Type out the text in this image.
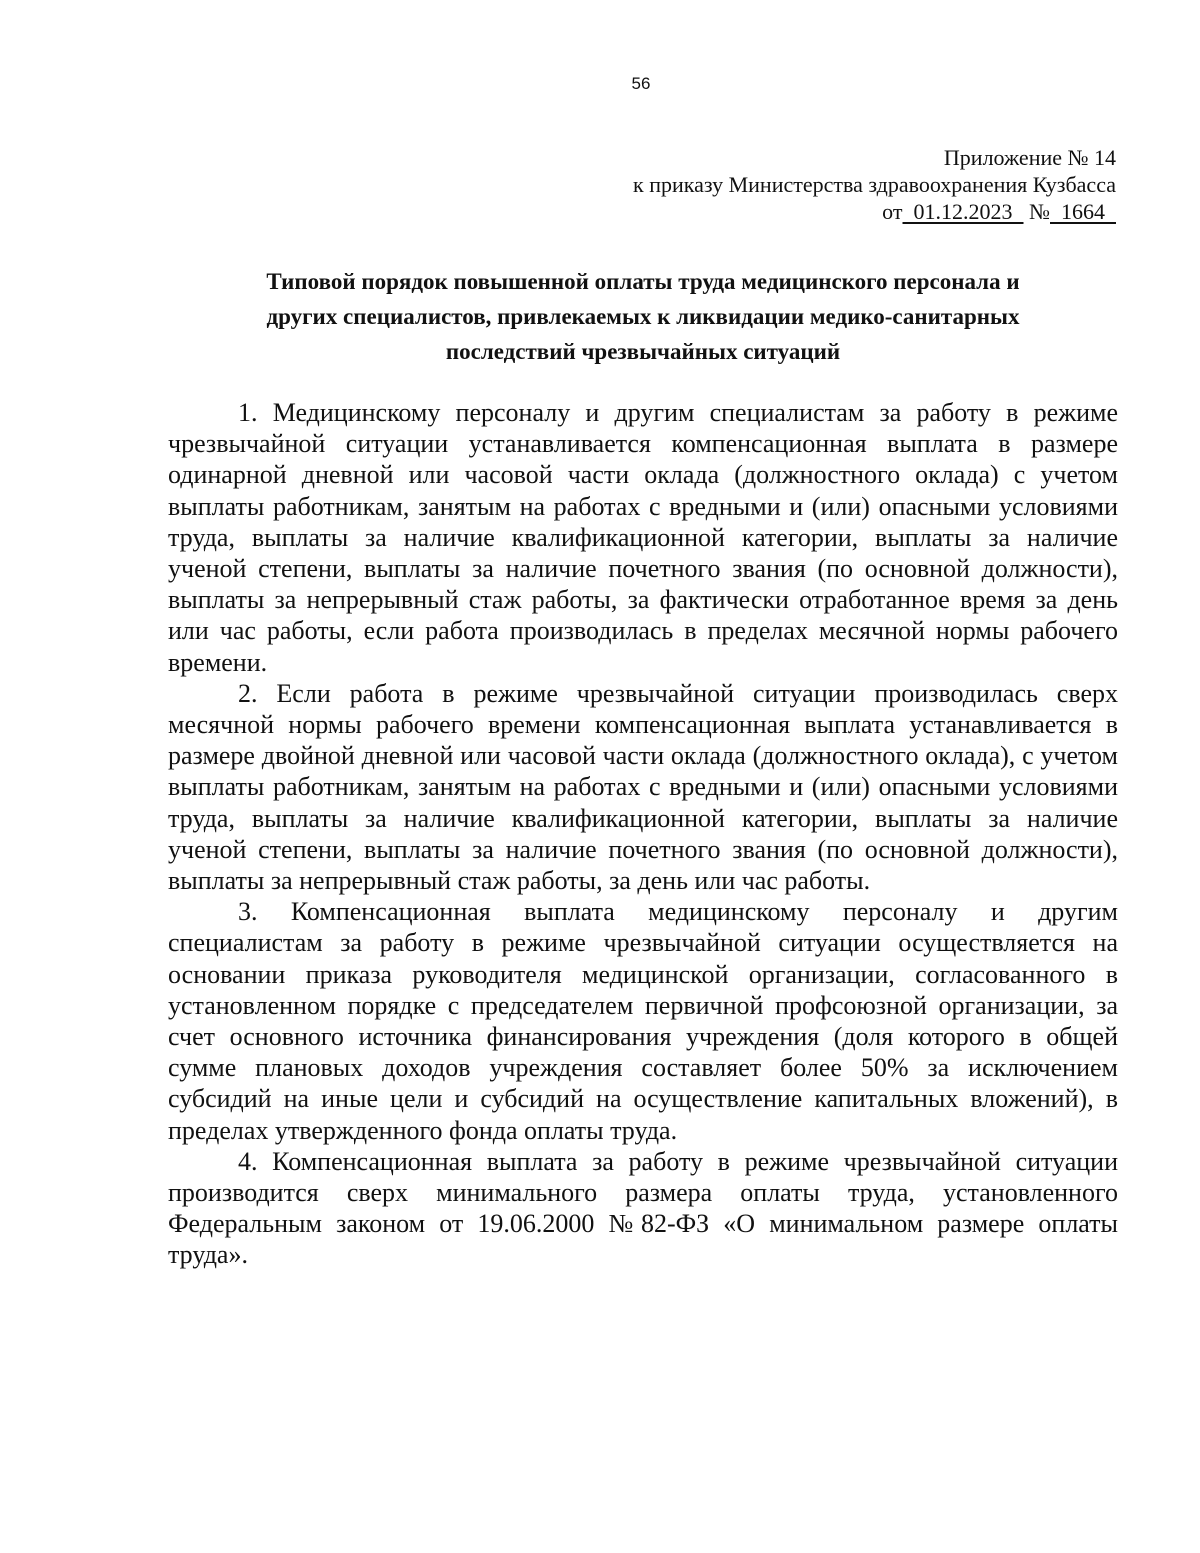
56
Приложение № 14
к приказу Министерства здравоохранения Кузбасса
от 01.12.2023 № 1664
Типовой порядок повышенной оплаты труда медицинского персонала и
других специалистов, привлекаемых к ликвидации медико-санитарных
последствий чрезвычайных ситуаций

1. Медицинскому персоналу и другим специалистам за работу в режиме чрезвычайной ситуации устанавливается компенсационная выплата в размере одинарной дневной или часовой части оклада (должностного оклада) с учетом выплаты работникам, занятым на работах с вредными и (или) опасными условиями труда, выплаты за наличие квалификационной категории, выплаты за наличие ученой степени, выплаты за наличие почетного звания (по основной должности), выплаты за непрерывный стаж работы, за фактически отработанное время за день или час работы, если работа производилась в пределах месячной нормы рабочего времени.

2. Если работа в режиме чрезвычайной ситуации производилась сверх месячной нормы рабочего времени компенсационная выплата устанавливается в размере двойной дневной или часовой части оклада (должностного оклада), с учетом выплаты работникам, занятым на работах с вредными и (или) опасными условиями труда, выплаты за наличие квалификационной категории, выплаты за наличие ученой степени, выплаты за наличие почетного звания (по основной должности), выплаты за непрерывный стаж работы, за день или час работы.

3. Компенсационная выплата медицинскому персоналу и другим специалистам за работу в режиме чрезвычайной ситуации осуществляется на основании приказа руководителя медицинской организации, согласованного в установленном порядке с председателем первичной профсоюзной организации, за счет основного источника финансирования учреждения (доля которого в общей сумме плановых доходов учреждения составляет более 50% за исключением субсидий на иные цели и субсидий на осуществление капитальных вложений), в пределах утвержденного фонда оплаты труда.

4. Компенсационная выплата за работу в режиме чрезвычайной ситуации производится сверх минимального размера оплаты труда, установленного Федеральным законом от 19.06.2000 №82-ФЗ «О минимальном размере оплаты труда».
